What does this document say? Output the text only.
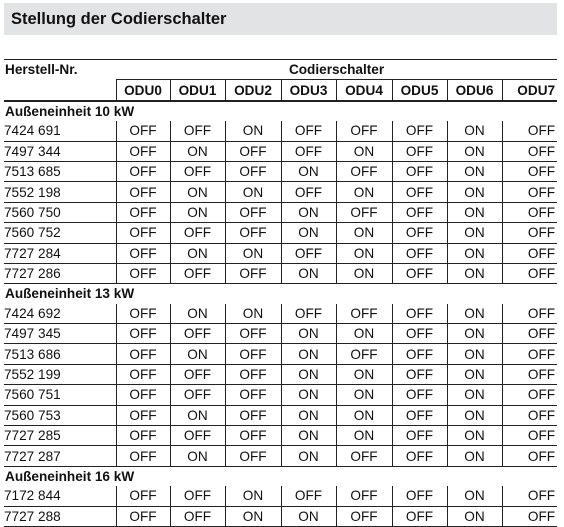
Stellung der Codierschalter
Herstell-Nr.	Codierschalter							
	ODU0	ODU1	ODU2	ODU3	ODU4	ODU5	ODU6	ODU7
Außeneinheit 10 kW								
7424 691	OFF	OFF	ON	OFF	OFF	OFF	ON	OFF
7497 344	OFF	ON	OFF	OFF	ON	OFF	ON	OFF
7513 685	OFF	OFF	OFF	ON	OFF	OFF	ON	OFF
7552 198	OFF	ON	ON	OFF	ON	OFF	ON	OFF
7560 750	OFF	ON	OFF	ON	OFF	OFF	ON	OFF
7560 752	OFF	OFF	OFF	ON	ON	OFF	ON	OFF
7727 284	OFF	ON	ON	OFF	ON	OFF	ON	OFF
7727 286	OFF	OFF	OFF	ON	ON	OFF	ON	OFF
Außeneinheit 13 kW								
7424 692	OFF	ON	ON	OFF	OFF	OFF	ON	OFF
7497 345	OFF	OFF	OFF	ON	ON	OFF	ON	OFF
7513 686	OFF	ON	OFF	ON	OFF	OFF	ON	OFF
7552 199	OFF	OFF	OFF	ON	ON	OFF	ON	OFF
7560 751	OFF	OFF	OFF	ON	ON	OFF	ON	OFF
7560 753	OFF	ON	OFF	ON	ON	OFF	ON	OFF
7727 285	OFF	OFF	OFF	ON	ON	OFF	ON	OFF
7727 287	OFF	ON	OFF	ON	OFF	OFF	ON	OFF
Außeneinheit 16 kW								
7172 844	OFF	OFF	ON	OFF	OFF	OFF	ON	OFF
7727 288	OFF	OFF	ON	ON	OFF	OFF	ON	OFF
